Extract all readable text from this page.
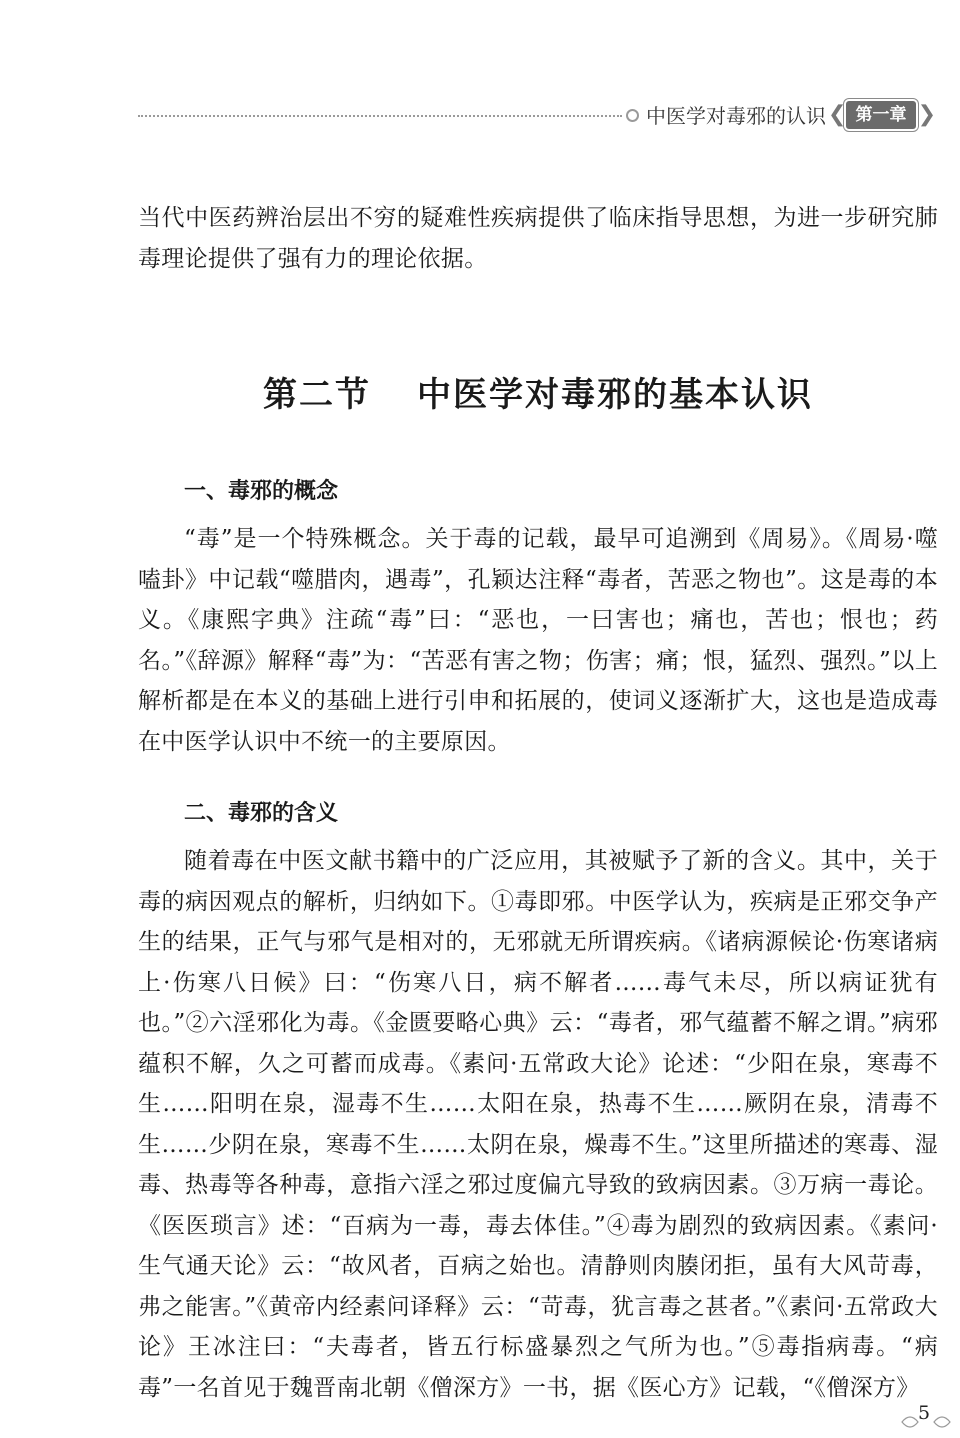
中医学对毒邪的认识 ❮ 第一章 ❯

当代中医药辨治层出不穷的疑难性疾病提供了临床指导思想，为进一步研究肺毒理论提供了强有力的理论依据。

第二节 中医学对毒邪的基本认识
一、毒邪的概念

“毒”是一个特殊概念。关于毒的记载，最早可追溯到《周易》。《周易·噬嗑卦》中记载“噬腊肉，遇毒”，孔颖达注释“毒者，苦恶之物也”。这是毒的本义。《康熙字典》注疏“毒”曰：“恶也，一曰害也；痛也，苦也；恨也；药名。”《辞源》解释“毒”为：“苦恶有害之物；伤害；痛；恨，猛烈、强烈。”以上解析都是在本义的基础上进行引申和拓展的，使词义逐渐扩大，这也是造成毒在中医学认识中不统一的主要原因。

二、毒邪的含义

随着毒在中医文献书籍中的广泛应用，其被赋予了新的含义。其中，关于毒的病因观点的解析，归纳如下。①毒即邪。中医学认为，疾病是正邪交争产生的结果，正气与邪气是相对的，无邪就无所谓疾病。《诸病源候论·伤寒诸病上·伤寒八日候》曰：“伤寒八日，病不解者……毒气未尽，所以病证犹有也。”②六淫邪化为毒。《金匮要略心典》云：“毒者，邪气蕴蓄不解之谓。”病邪蕴积不解，久之可蓄而成毒。《素问·五常政大论》论述：“少阳在泉，寒毒不生……阳明在泉，湿毒不生……太阳在泉，热毒不生……厥阴在泉，清毒不生……少阴在泉，寒毒不生……太阴在泉，燥毒不生。”这里所描述的寒毒、湿毒、热毒等各种毒，意指六淫之邪过度偏亢导致的致病因素。③万病一毒论。《医医琐言》述：“百病为一毒，毒去体佳。”④毒为剧烈的致病因素。《素问·生气通天论》云：“故风者，百病之始也。清静则肉腠闭拒，虽有大风苛毒，弗之能害。”《黄帝内经素问译释》云：“苛毒，犹言毒之甚者。”《素问·五常政大论》王冰注曰：“夫毒者，皆五行标盛暴烈之气所为也。”⑤毒指病毒。“病毒”一名首见于魏晋南北朝《僧深方》一书，据《医心方》记载，“《僧深方》

5
